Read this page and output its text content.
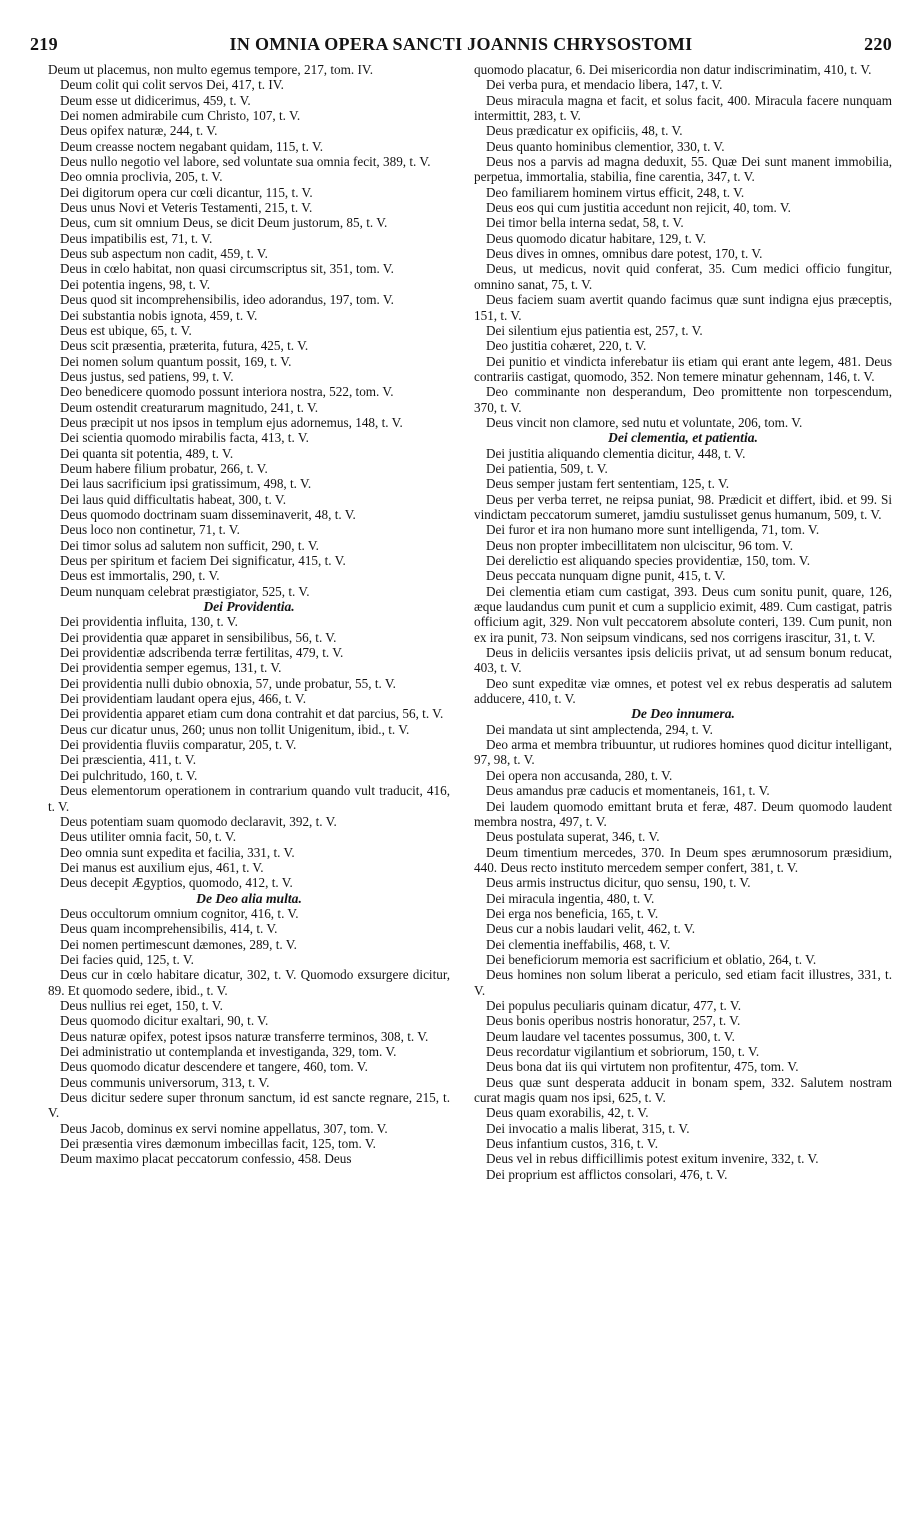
219	IN OMNIA OPERA SANCTI JOANNIS CHRYSOSTOMI	220

Deum ut placemus, non multo egemus tempore, 217, tom. IV.

Deum colit qui colit servos Dei, 417, t. IV.

Deum esse ut didicerimus, 459, t. V.

Dei nomen admirabile cum Christo, 107, t. V.

Deus opifex naturæ, 244, t. V.

Deum creasse noctem negabant quidam, 115, t. V.

Deus nullo negotio vel labore, sed voluntate sua omnia fecit, 389, t. V.

Deo omnia proclivia, 205, t. V.

Dei digitorum opera cur cœli dicantur, 115, t. V.

Deus unus Novi et Veteris Testamenti, 215, t. V.

Deus, cum sit omnium Deus, se dicit Deum justorum, 85, t. V.

Deus impatibilis est, 71, t. V.

Deus sub aspectum non cadit, 459, t. V.

Deus in cœlo habitat, non quasi circumscriptus sit, 351, tom. V.

Dei potentia ingens, 98, t. V.

Deus quod sit incomprehensibilis, ideo adorandus, 197, tom. V.

Dei substantia nobis ignota, 459, t. V.

Deus est ubique, 65, t. V.

Deus scit præsentia, præterita, futura, 425, t. V.

Dei nomen solum quantum possit, 169, t. V.

Deus justus, sed patiens, 99, t. V.

Deo benedicere quomodo possunt interiora nostra, 522, tom. V.

Deum ostendit creaturarum magnitudo, 241, t. V.

Deus præcipit ut nos ipsos in templum ejus adornemus, 148, t. V.

Dei scientia quomodo mirabilis facta, 413, t. V.

Dei quanta sit potentia, 489, t. V.

Deum habere filium probatur, 266, t. V.

Dei laus sacrificium ipsi gratissimum, 498, t. V.

Dei laus quid difficultatis habeat, 300, t. V.

Deus quomodo doctrinam suam disseminaverit, 48, t. V.

Deus loco non continetur, 71, t. V.

Dei timor solus ad salutem non sufficit, 290, t. V.

Deus per spiritum et faciem Dei significatur, 415, t. V.

Deus est immortalis, 290, t. V.

Deum nunquam celebrat præstigiator, 525, t. V.

Dei Providentia.

Dei providentia influita, 130, t. V.

Dei providentia quæ apparet in sensibilibus, 56, t. V.

Dei providentiæ adscribenda terræ fertilitas, 479, t. V.

Dei providentia semper egemus, 131, t. V.

Dei providentia nulli dubio obnoxia, 57, unde probatur, 55, t. V.

Dei providentiam laudant opera ejus, 466, t. V.

Dei providentia apparet etiam cum dona contrahit et dat parcius, 56, t. V.

Deus cur dicatur unus, 260; unus non tollit Unigenitum, ibid., t. V.

Dei providentia fluviis comparatur, 205, t. V.

Dei præscientia, 411, t. V.

Dei pulchritudo, 160, t. V.

Deus elementorum operationem in contrarium quando vult traducit, 416, t. V.

Deus potentiam suam quomodo declaravit, 392, t. V.

Deus utiliter omnia facit, 50, t. V.

Deo omnia sunt expedita et facilia, 331, t. V.

Dei manus est auxilium ejus, 461, t. V.

Deus decepit Ægyptios, quomodo, 412, t. V.

De Deo alia multa.

Deus occultorum omnium cognitor, 416, t. V.

Deus quam incomprehensibilis, 414, t. V.

Dei nomen pertimescunt dæmones, 289, t. V.

Dei facies quid, 125, t. V.

Deus cur in cœlo habitare dicatur, 302, t. V. Quomodo exsurgere dicitur, 89. Et quomodo sedere, ibid., t. V.

Deus nullius rei eget, 150, t. V.

Deus quomodo dicitur exaltari, 90, t. V.

Deus naturæ opifex, potest ipsos naturæ transferre terminos, 308, t. V.

Dei administratio ut contemplanda et investiganda, 329, tom. V.

Deus quomodo dicatur descendere et tangere, 460, tom. V.

Deus communis universorum, 313, t. V.

Deus dicitur sedere super thronum sanctum, id est sancte regnare, 215, t. V.

Deus Jacob, dominus ex servi nomine appellatus, 307, tom. V.

Dei præsentia vires dæmonum imbecillas facit, 125, tom. V.

Deum maximo placat peccatorum confessio, 458. Deus

quomodo placatur, 6. Dei misericordia non datur indiscriminatim, 410, t. V.

Dei verba pura, et mendacio libera, 147, t. V.

Deus miracula magna et facit, et solus facit, 400. Miracula facere nunquam intermittit, 283, t. V.

Deus prædicatur ex opificiis, 48, t. V.

Deus quanto hominibus clementior, 330, t. V.

Deus nos a parvis ad magna deduxit, 55. Quæ Dei sunt manent immobilia, perpetua, immortalia, stabilia, fine carentia, 347, t. V.

Deo familiarem hominem virtus efficit, 248, t. V.

Deus eos qui cum justitia accedunt non rejicit, 40, tom. V.

Dei timor bella interna sedat, 58, t. V.

Deus quomodo dicatur habitare, 129, t. V.

Deus dives in omnes, omnibus dare potest, 170, t. V.

Deus, ut medicus, novit quid conferat, 35. Cum medici officio fungitur, omnino sanat, 75, t. V.

Deus faciem suam avertit quando facimus quæ sunt indigna ejus præceptis, 151, t. V.

Dei silentium ejus patientia est, 257, t. V.

Deo justitia cohæret, 220, t. V.

Dei punitio et vindicta inferebatur iis etiam qui erant ante legem, 481. Deus contrariis castigat, quomodo, 352. Non temere minatur gehennam, 146, t. V.

Deo comminante non desperandum, Deo promittente non torpescendum, 370, t. V.

Deus vincit non clamore, sed nutu et voluntate, 206, tom. V.

Dei clementia, et patientia.

Dei justitia aliquando clementia dicitur, 448, t. V.

Dei patientia, 509, t. V.

Deus semper justam fert sententiam, 125, t. V.

Deus per verba terret, ne reipsa puniat, 98. Prædicit et differt, ibid. et 99. Si vindictam peccatorum sumeret, jamdiu sustulisset genus humanum, 509, t. V.

Dei furor et ira non humano more sunt intelligenda, 71, tom. V.

Deus non propter imbecillitatem non ulciscitur, 96 tom. V.

Dei derelictio est aliquando species providentiæ, 150, tom. V.

Deus peccata nunquam digne punit, 415, t. V.

Dei clementia etiam cum castigat, 393. Deus cum sonitu punit, quare, 126, æque laudandus cum punit et cum a supplicio eximit, 489. Cum castigat, patris officium agit, 329. Non vult peccatorem absolute conteri, 139. Cum punit, non ex ira punit, 73. Non seipsum vindicans, sed nos corrigens irascitur, 31, t. V.

Deus in deliciis versantes ipsis deliciis privat, ut ad sensum bonum reducat, 403, t. V.

Deo sunt expeditæ viæ omnes, et potest vel ex rebus desperatis ad salutem adducere, 410, t. V.

De Deo innumera.

Dei mandata ut sint amplectenda, 294, t. V.

Deo arma et membra tribuuntur, ut rudiores homines quod dicitur intelligant, 97, 98, t. V.

Dei opera non accusanda, 280, t. V.

Deus amandus præ caducis et momentaneis, 161, t. V.

Dei laudem quomodo emittant bruta et feræ, 487. Deum quomodo laudent membra nostra, 497, t. V.

Deus postulata superat, 346, t. V.

Deum timentium mercedes, 370. In Deum spes ærumnosorum præsidium, 440. Deus recto instituto mercedem semper confert, 381, t. V.

Deus armis instructus dicitur, quo sensu, 190, t. V.

Dei miracula ingentia, 480, t. V.

Dei erga nos beneficia, 165, t. V.

Deus cur a nobis laudari velit, 462, t. V.

Dei clementia ineffabilis, 468, t. V.

Dei beneficiorum memoria est sacrificium et oblatio, 264, t. V.

Deus homines non solum liberat a periculo, sed etiam facit illustres, 331, t. V.

Dei populus peculiaris quinam dicatur, 477, t. V.

Deus bonis operibus nostris honoratur, 257, t. V.

Deum laudare vel tacentes possumus, 300, t. V.

Deus recordatur vigilantium et sobriorum, 150, t. V.

Deus bona dat iis qui virtutem non profitentur, 475, tom. V.

Deus quæ sunt desperata adducit in bonam spem, 332. Salutem nostram curat magis quam nos ipsi, 625, t. V.

Deus quam exorabilis, 42, t. V.

Dei invocatio a malis liberat, 315, t. V.

Deus infantium custos, 316, t. V.

Deus vel in rebus difficillimis potest exitum invenire, 332, t. V.

Dei proprium est afflictos consolari, 476, t. V.
